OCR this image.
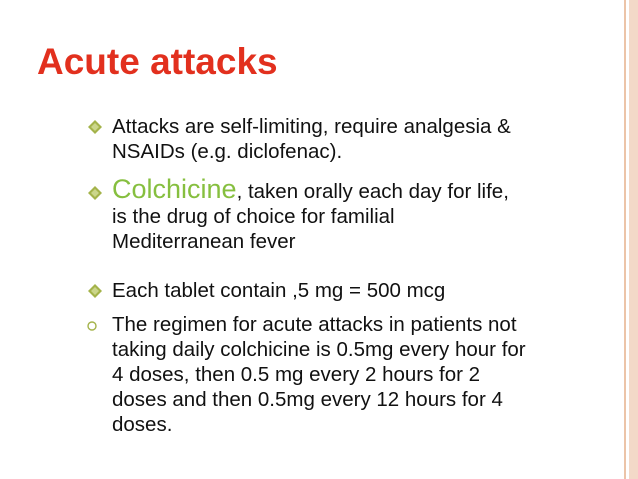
Acute attacks
Attacks are self-limiting, require analgesia &
NSAIDs (e.g. diclofenac).
Colchicine, taken orally each day for life,
is the drug of choice for familial
Mediterranean fever
Each tablet contain ,5 mg = 500 mcg
The regimen for acute attacks in patients not
taking daily colchicine is 0.5mg every hour for
4 doses, then 0.5 mg every 2 hours for 2
doses and then 0.5mg every 12 hours for 4
doses.
